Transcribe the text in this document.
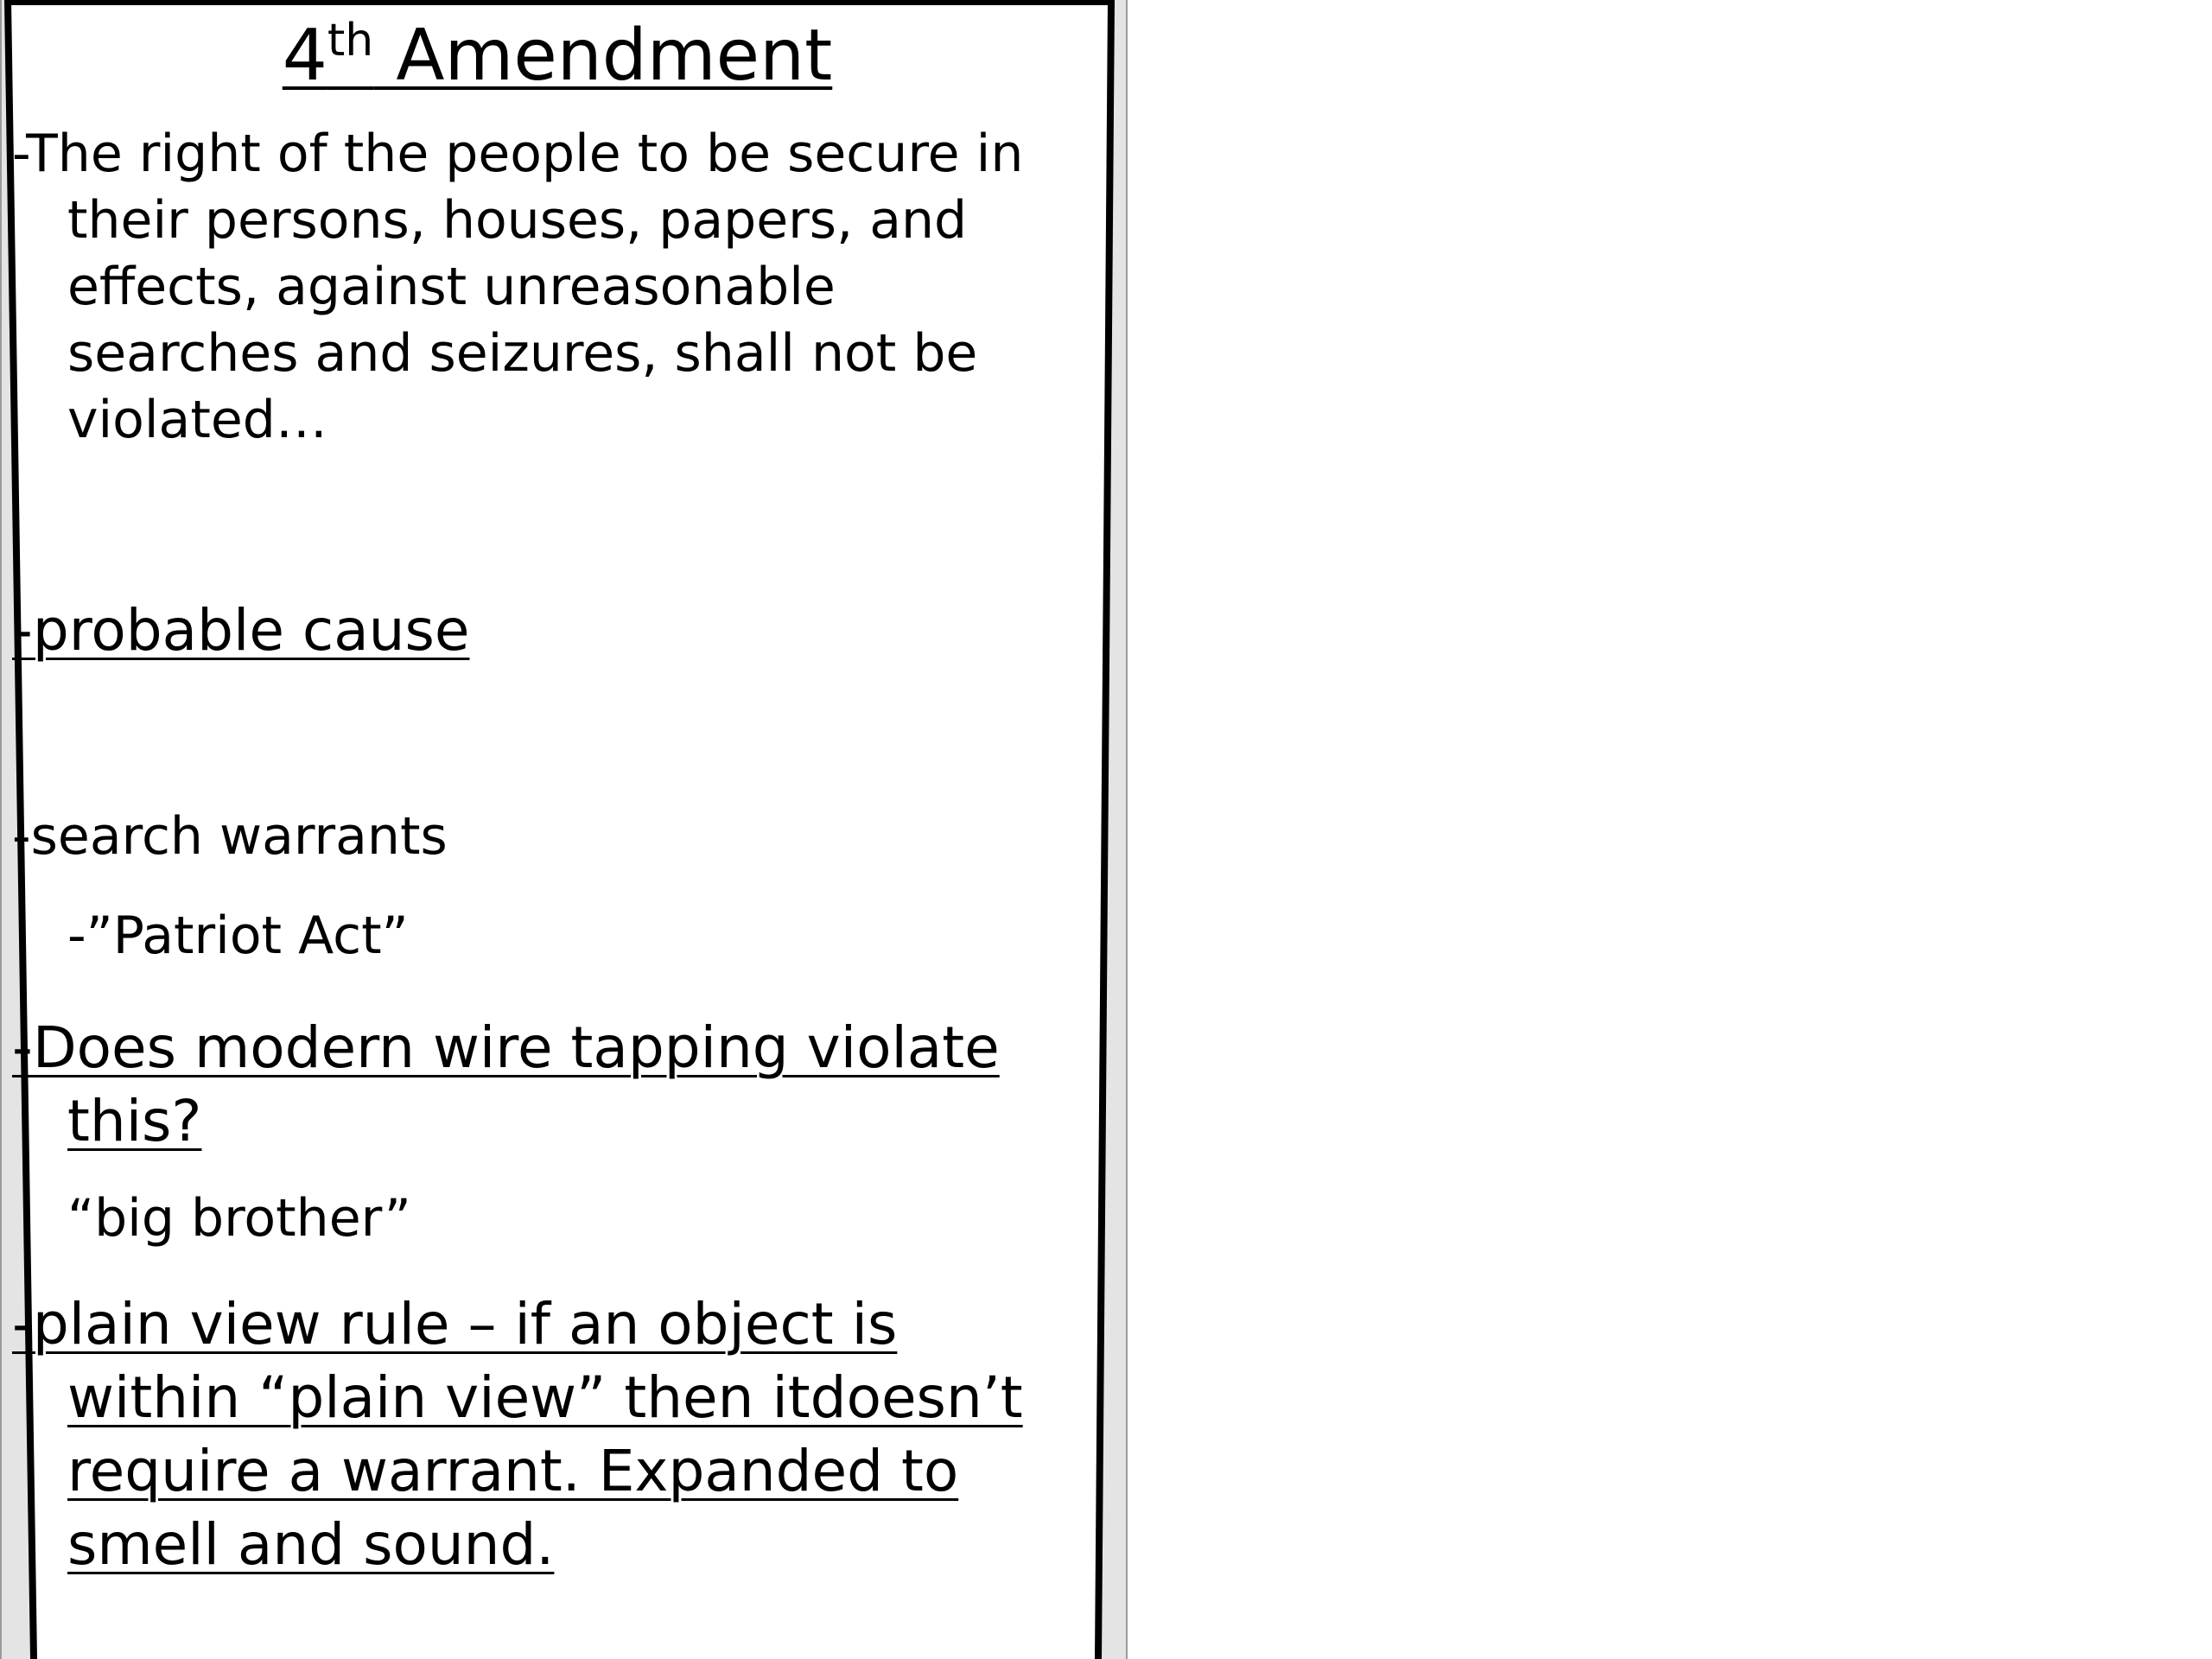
4th Amendment
-The right of the people to be secure in
their persons, houses, papers, and
effects, against unreasonable
searches and seizures, shall not be
violated…
-probable cause
-search warrants
-”Patriot Act”
-Does modern wire tapping violate
this?
“big brother”
-plain view rule – if an object is
within “plain view” then itdoesn’t
require a warrant. Expanded to
smell and sound.
